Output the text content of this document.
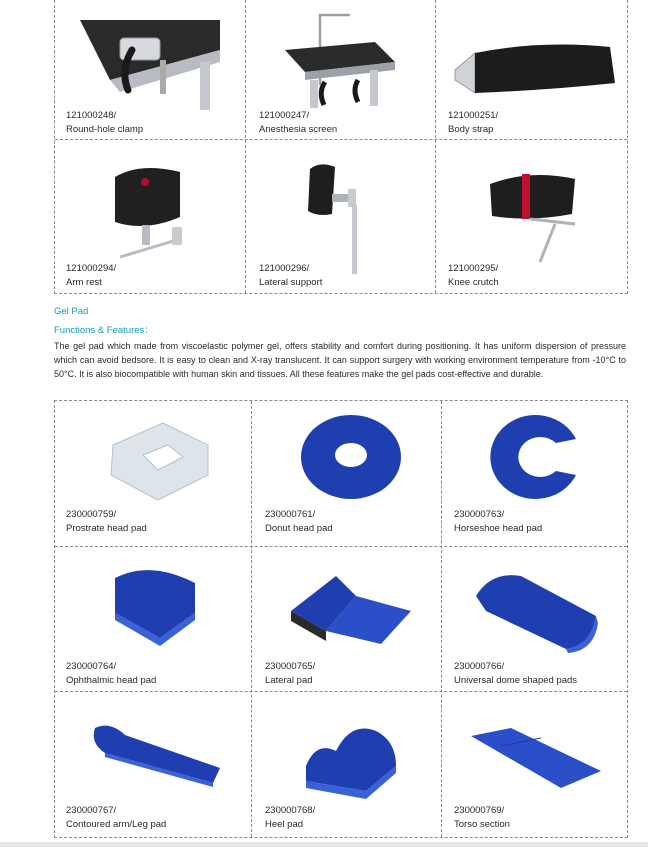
121000248/
Round-hole clamp
121000247/
Anesthesia screen
121000251/
Body strap
121000294/
Arm rest
121000296/
Lateral support
121000295/
Knee crutch
Gel Pad
Functions & Features：
The gel pad which made from viscoelastic polymer gel, offers stability and comfort during positioning. It has uniform dispersion of pressure which can avoid bedsore. It is easy to clean and X-ray translucent. It can support surgery with working environment temperature from -10°C to 50°C. It is also biocompatible with human skin and tissues. All these features make the gel pads cost-effective and durable.
230000759/
Prostrate head pad
230000761/
Donut head pad
230000763/
Horseshoe head pad
230000764/
Ophthalmic head pad
230000765/
Lateral pad
230000766/
Universal dome shaped pads
230000767/
Contoured arm/Leg pad
230000768/
Heel pad
230000769/
Torso section
